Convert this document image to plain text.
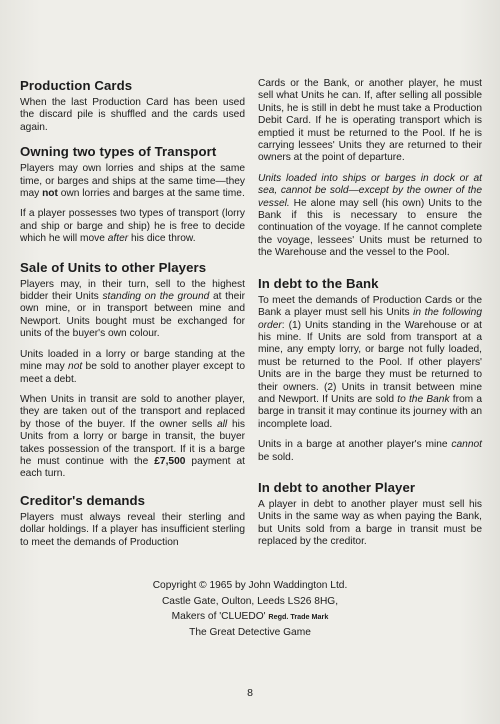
Production Cards

When the last Production Card has been used the discard pile is shuffled and the cards used again.

Owning two types of Transport

Players may own lorries and ships at the same time, or barges and ships at the same time—they may not own lorries and barges at the same time.

If a player possesses two types of transport (lorry and ship or barge and ship) he is free to decide which he will move after his dice throw.

Sale of Units to other Players

Players may, in their turn, sell to the highest bidder their Units standing on the ground at their own mine, or in transport between mine and Newport. Units bought must be exchanged for units of the buyer's own colour.

Units loaded in a lorry or barge standing at the mine may not be sold to another player except to meet a debt.

When Units in transit are sold to another player, they are taken out of the transport and replaced by those of the buyer. If the owner sells all his Units from a lorry or barge in transit, the buyer takes possession of the transport. If it is a barge he must continue with the £7,500 payment at each turn.

Creditor's demands

Players must always reveal their sterling and dollar holdings. If a player has insufficient sterling to meet the demands of Production

Cards or the Bank, or another player, he must sell what Units he can. If, after selling all possible Units, he is still in debt he must take a Production Debit Card. If he is operating transport which is emptied it must be returned to the Pool. If he is carrying lessees' Units they are returned to their owners at the point of departure.

Units loaded into ships or barges in dock or at sea, cannot be sold—except by the owner of the vessel. He alone may sell (his own) Units to the Bank if this is necessary to ensure the continuation of the voyage. If he cannot complete the voyage, lessees' Units must be returned to the Warehouse and the vessel to the Pool.

In debt to the Bank

To meet the demands of Production Cards or the Bank a player must sell his Units in the following order: (1) Units standing in the Warehouse or at his mine. If Units are sold from transport at a mine, any empty lorry, or barge not fully loaded, must be returned to the Pool. If other players' Units are in the barge they must be returned to their owners. (2) Units in transit between mine and Newport. If Units are sold to the Bank from a barge in transit it may continue its journey with an incomplete load.

Units in a barge at another player's mine cannot be sold.

In debt to another Player

A player in debt to another player must sell his Units in the same way as when paying the Bank, but Units sold from a barge in transit must be replaced by the creditor.

Copyright © 1965 by John Waddington Ltd.
Castle Gate, Oulton, Leeds LS26 8HG,
Makers of 'CLUEDO' Regd. Trade Mark
The Great Detective Game
8
